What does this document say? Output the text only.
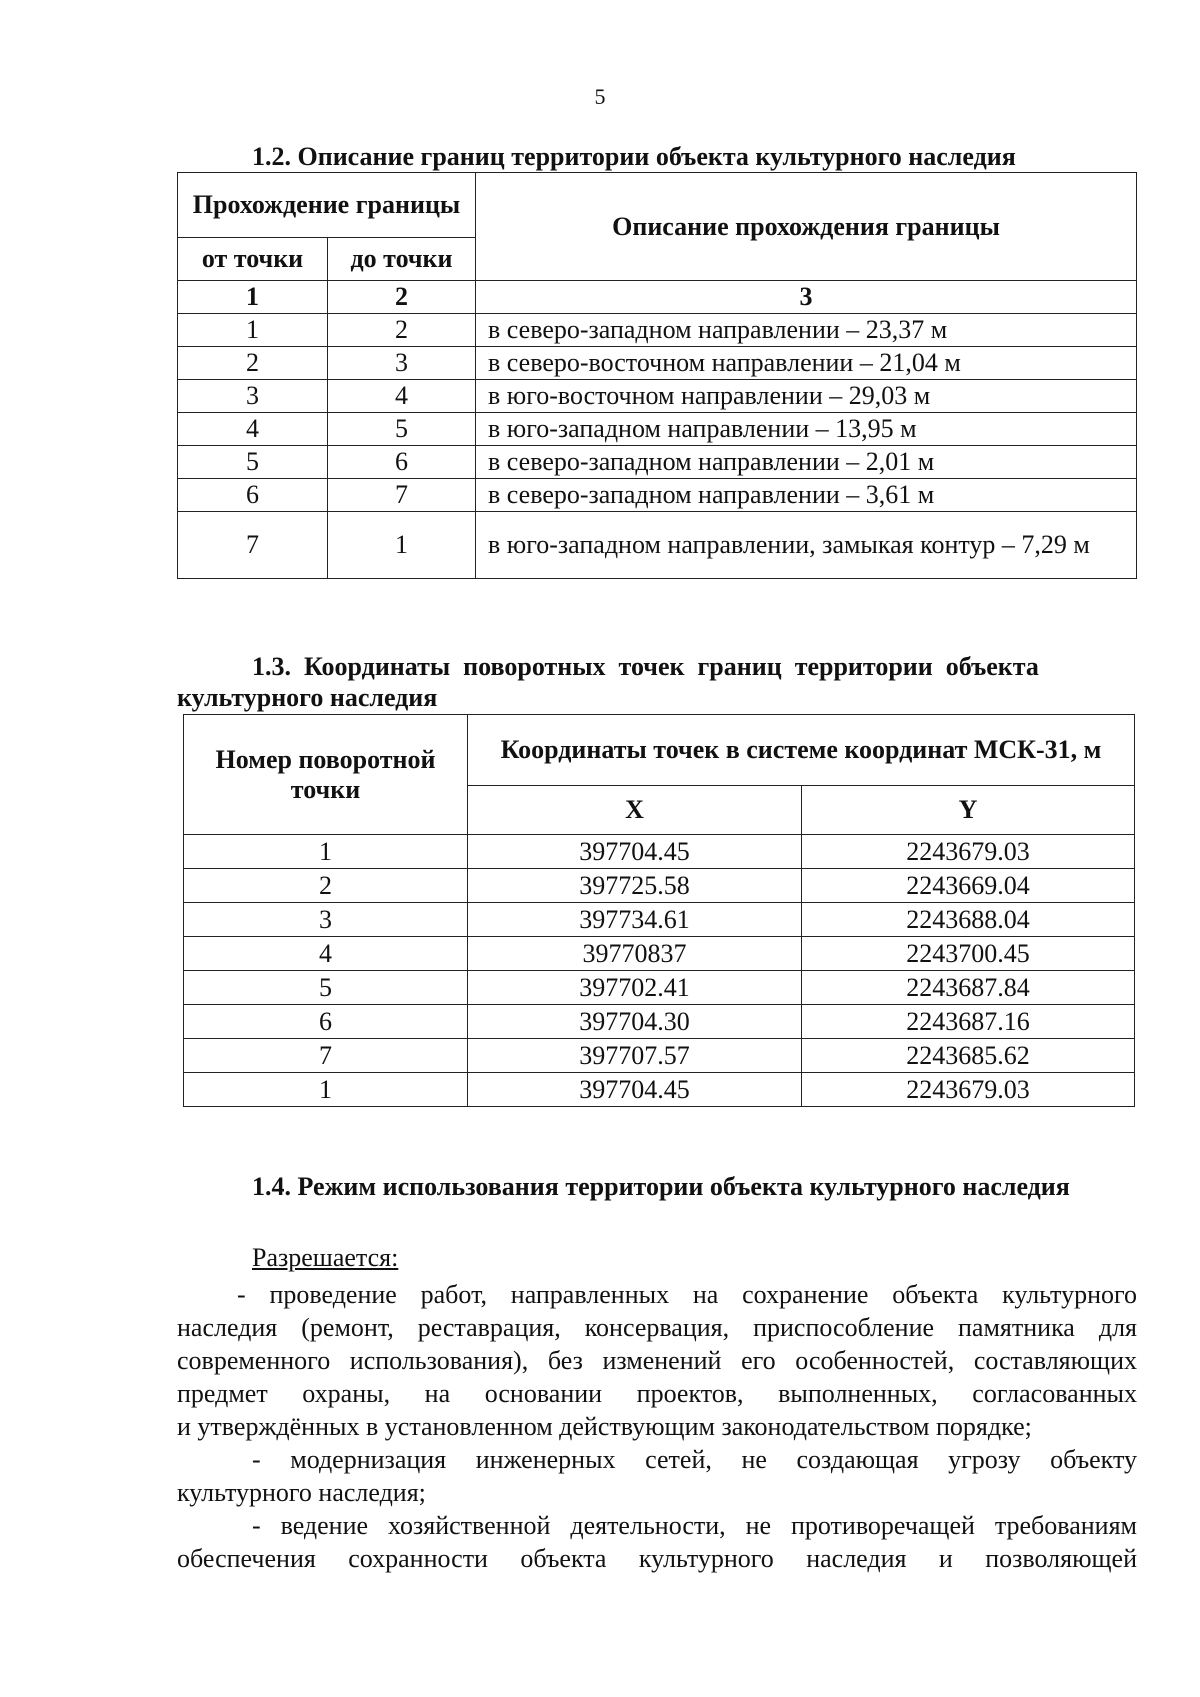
5
1.2. Описание границ территории объекта культурного наследия
Прохождение границы		Описание прохождения границы
от точки	до точки	
1	2	3
1	2	в северо-западном направлении – 23,37 м
2	3	в северо-восточном направлении – 21,04 м
3	4	в юго-восточном направлении – 29,03 м
4	5	в юго-западном направлении – 13,95 м
5	6	в северо-западном направлении – 2,01 м
6	7	в северо-западном направлении – 3,61 м
7	1	в юго-западном направлении, замыкая контур – 7,29 м
1.3.  Координаты  поворотных  точек  границ  территории  объекта
культурного наследия
Номер поворотной точки	Координаты точек в системе координат МСК-31, м	
	X	Y
1	397704.45	2243679.03
2	397725.58	2243669.04
3	397734.61	2243688.04
4	39770837	2243700.45
5	397702.41	2243687.84
6	397704.30	2243687.16
7	397707.57	2243685.62
1	397704.45	2243679.03
1.4. Режим использования территории объекта культурного наследия
Разрешается:
- проведение работ, направленных на сохранение объекта культурного
наследия (ремонт, реставрация, консервация, приспособление памятника для
современного использования), без изменений его особенностей, составляющих
предмет охраны, на основании проектов, выполненных, согласованных
и утверждённых в установленном действующим законодательством порядке;
- модернизация инженерных сетей, не создающая угрозу объекту
культурного наследия;
- ведение хозяйственной деятельности, не противоречащей требованиям
обеспечения сохранности объекта культурного наследия и позволяющей
